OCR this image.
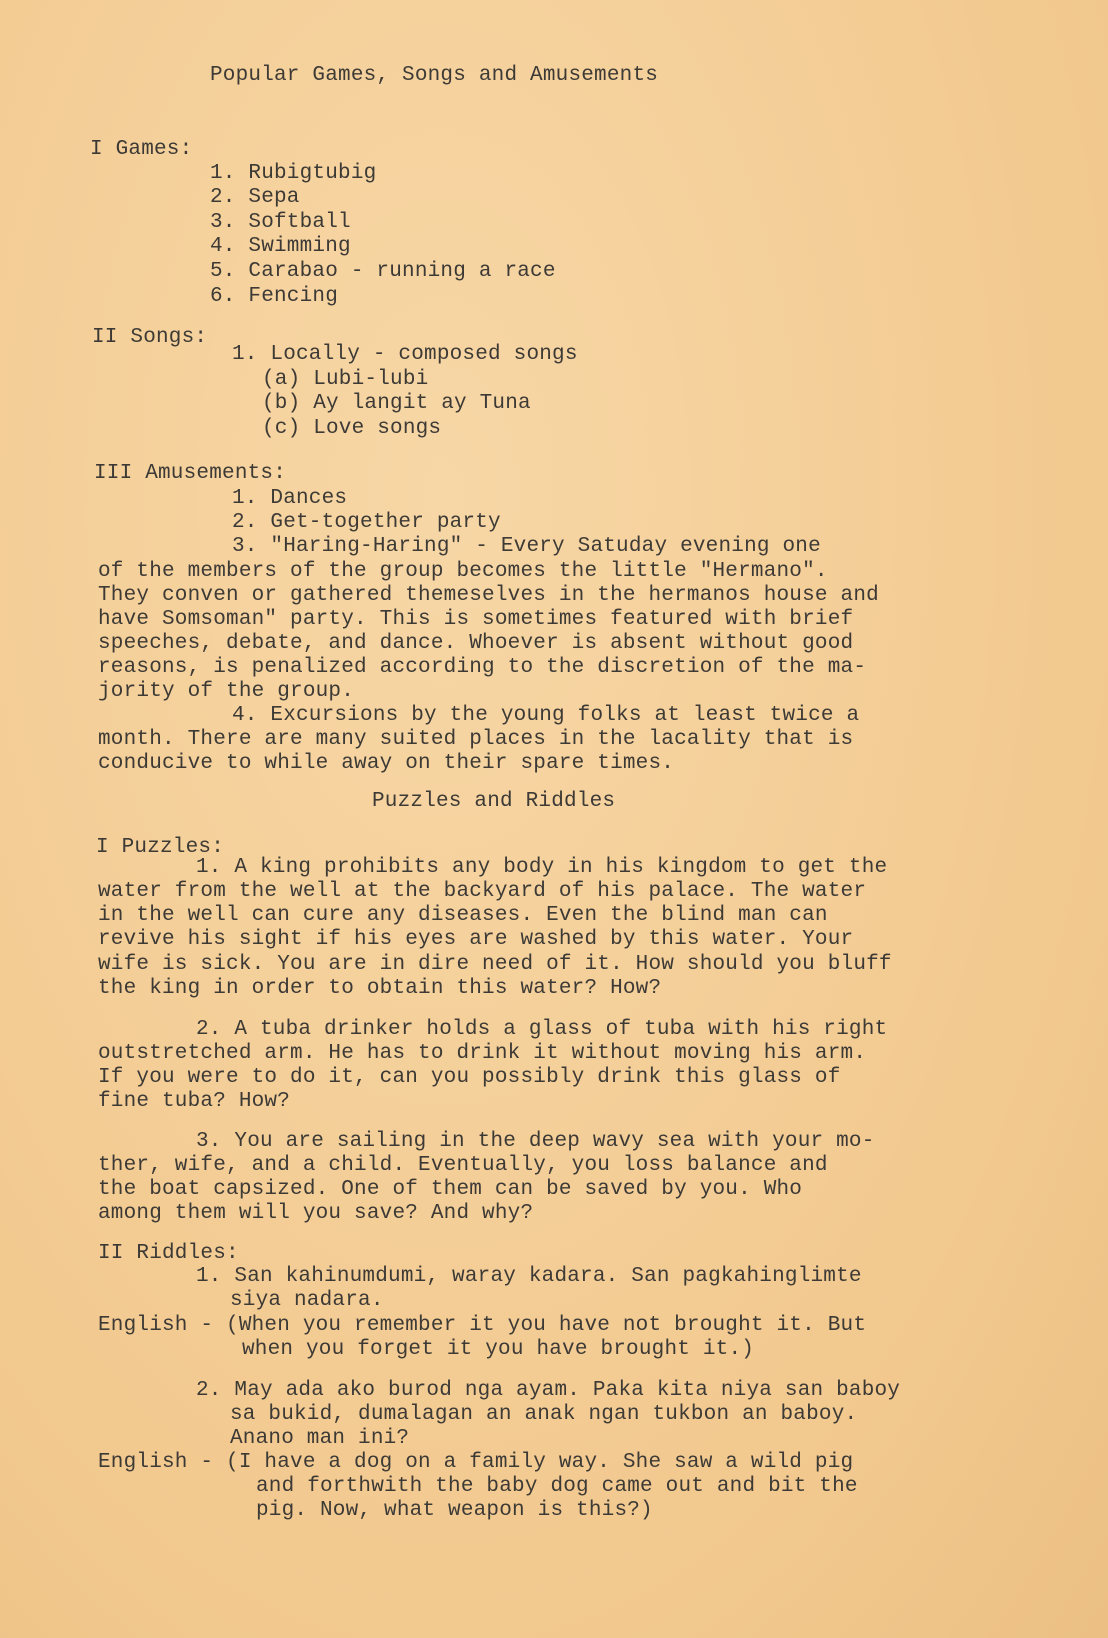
Popular Games, Songs and Amusements
I Games:
1. Rubigtubig
2. Sepa
3. Softball
4. Swimming
5. Carabao - running a race
6. Fencing
II Songs:
1. Locally - composed songs
(a) Lubi-lubi
(b) Ay langit ay Tuna
(c) Love songs
III Amusements:
1. Dances
2. Get-together party
3. "Haring-Haring" - Every Satuday evening one
of the members of the group becomes the little "Hermano".
They conven or gathered themeselves in the hermanos house and
have Somsoman" party. This is sometimes featured with brief
speeches, debate, and dance. Whoever is absent without good
reasons, is penalized according to the discretion of the ma-
jority of the group.
4. Excursions by the young folks at least twice a
month. There are many suited places in the lacality that is
conducive to while away on their spare times.
Puzzles and Riddles
I Puzzles:
1. A king prohibits any body in his kingdom to get the
water from the well at the backyard of his palace. The water
in the well can cure any diseases. Even the blind man can
revive his sight if his eyes are washed by this water. Your
wife is sick. You are in dire need of it. How should you bluff
the king in order to obtain this water? How?
2. A tuba drinker holds a glass of tuba with his right
outstretched arm. He has to drink it without moving his arm.
If you were to do it, can you possibly drink this glass of
fine tuba? How?
3. You are sailing in the deep wavy sea with your mo-
ther, wife, and a child. Eventually, you loss balance and
the boat capsized. One of them can be saved by you. Who
among them will you save? And why?
II Riddles:
1. San kahinumdumi, waray kadara. San pagkahinglimte
siya nadara.
English - (When you remember it you have not brought it. But
when you forget it you have brought it.)
2. May ada ako burod nga ayam. Paka kita niya san baboy
sa bukid, dumalagan an anak ngan tukbon an baboy.
Anano man ini?
English - (I have a dog on a family way. She saw a wild pig
and forthwith the baby dog came out and bit the
pig. Now, what weapon is this?)
